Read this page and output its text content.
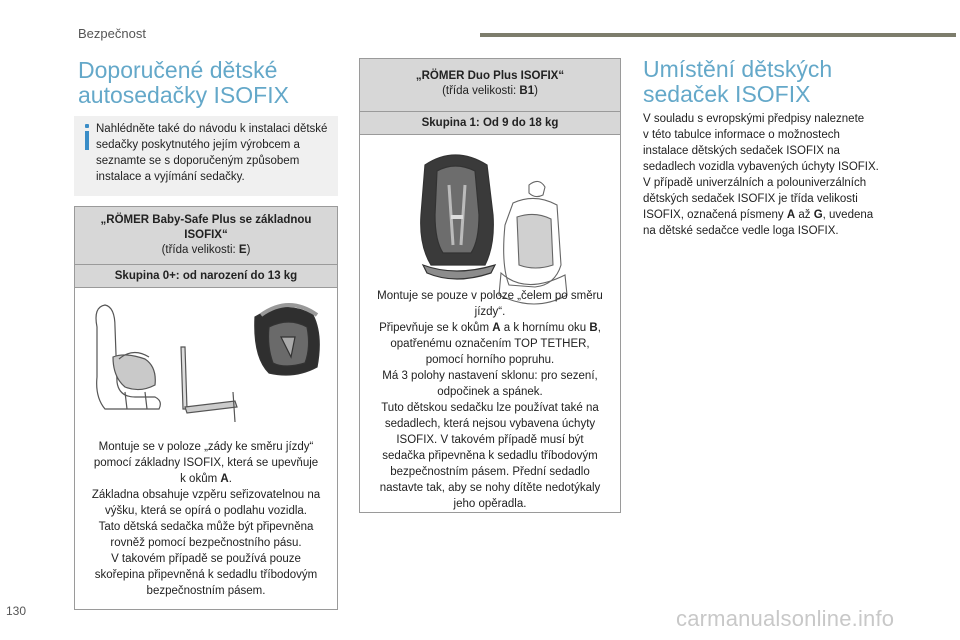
Bezpečnost
Doporučené dětské
autosedačky ISOFIX
Nahlédněte také do návodu k instalaci dětské sedačky poskytnutého jejím výrobcem a seznamte se s doporučeným způsobem instalace a vyjímání sedačky.
„RÖMER Baby-Safe Plus se základnou
ISOFIX“
(třída velikosti: E)
Skupina 0+: od narození do 13 kg
Montuje se v poloze „zády ke směru jízdy“
pomocí základny ISOFIX, která se upevňuje
k okům A.
Základna obsahuje vzpěru seřizovatelnou na
výšku, která se opírá o podlahu vozidla.
Tato dětská sedačka může být připevněna
rovněž pomocí bezpečnostního pásu.
V takovém případě se používá pouze
skořepina připevněná k sedadlu tříbodovým
bezpečnostním pásem.
„RÖMER Duo Plus ISOFIX“
(třída velikosti: B1)
Skupina 1: Od 9 do 18 kg
Montuje se pouze v poloze „čelem po směru
jízdy“.
Připevňuje se k okům A a k hornímu oku B,
opatřenému označením TOP TETHER,
pomocí horního popruhu.
Má 3 polohy nastavení sklonu: pro sezení,
odpočinek a spánek.
Tuto dětskou sedačku lze používat také na
sedadlech, která nejsou vybavena úchyty
ISOFIX. V takovém případě musí být
sedačka připevněna k sedadlu tříbodovým
bezpečnostním pásem. Přední sedadlo
nastavte tak, aby se nohy dítěte nedotýkaly
jeho opěradla.
Umístění dětských
sedaček ISOFIX
V souladu s evropskými předpisy naleznete
v této tabulce informace o možnostech
instalace dětských sedaček ISOFIX na
sedadlech vozidla vybavených úchyty ISOFIX.
V případě univerzálních a polouniverzálních
dětských sedaček ISOFIX je třída velikosti
ISOFIX, označená písmeny A až G, uvedena
na dětské sedačce vedle loga ISOFIX.
130	carmanualsonline.info
